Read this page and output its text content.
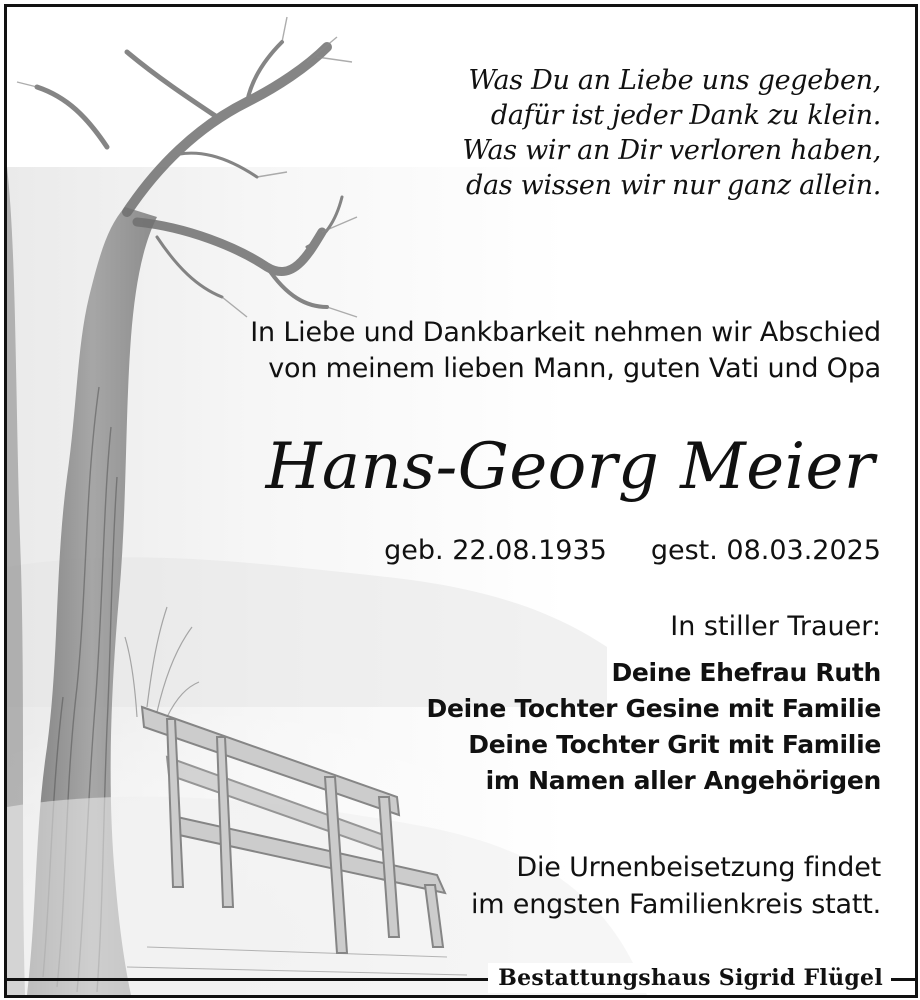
Was Du an Liebe uns gegeben,
dafür ist jeder Dank zu klein.
Was wir an Dir verloren haben,
das wissen wir nur ganz allein.
In Liebe und Dankbarkeit nehmen wir Abschied
von meinem lieben Mann, guten Vati und Opa
Hans-Georg Meier
geb. 22.08.1935 gest. 08.03.2025
In stiller Trauer:
Deine Ehefrau Ruth
Deine Tochter Gesine mit Familie
Deine Tochter Grit mit Familie
im Namen aller Angehörigen
Die Urnenbeisetzung findet
im engsten Familienkreis statt.
Bestattungshaus Sigrid Flügel
